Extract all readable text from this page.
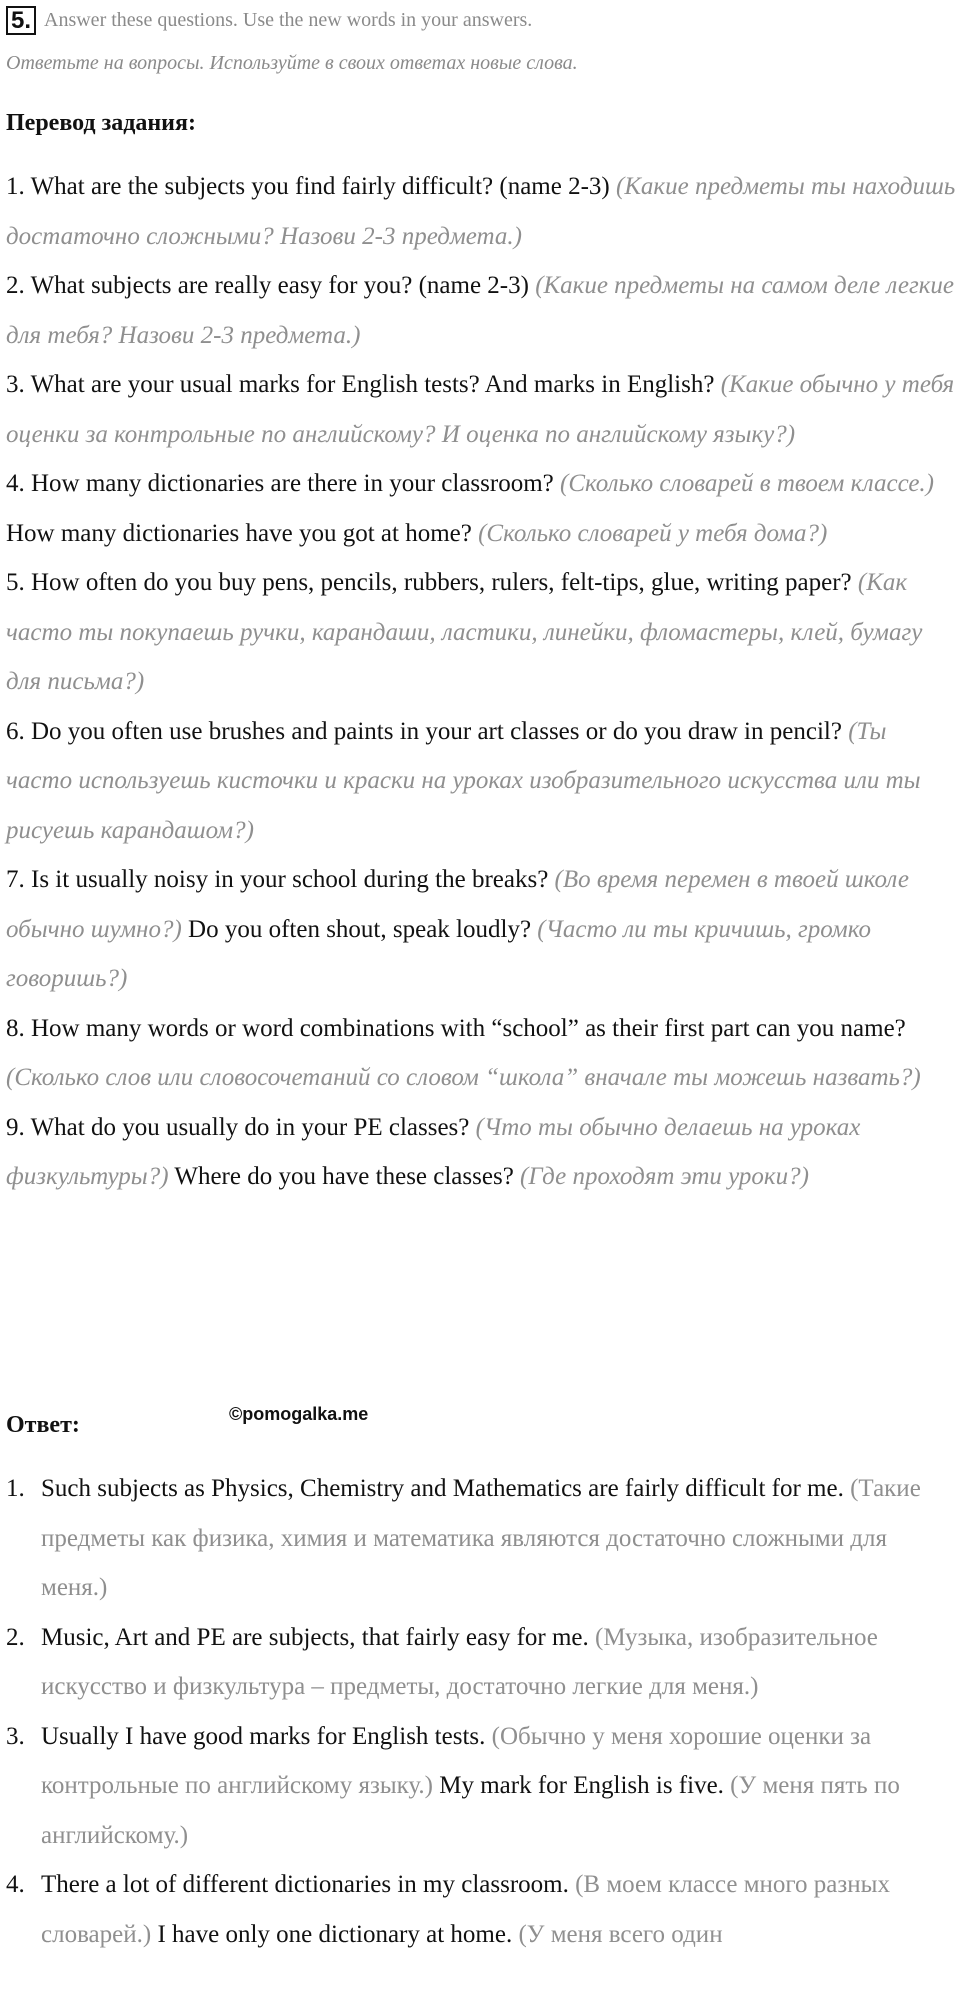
5. Answer these questions. Use the new words in your answers.
Ответьте на вопросы. Используйте в своих ответах новые слова.
Перевод задания:

1. What are the subjects you find fairly difficult? (name 2-3) (Какие предметы ты находишь достаточно сложными? Назови 2-3 предмета.)

2. What subjects are really easy for you? (name 2-3) (Какие предметы на самом деле легкие для тебя? Назови 2-3 предмета.)

3. What are your usual marks for English tests? And marks in English? (Какие обычно у тебя оценки за контрольные по английскому? И оценка по английскому языку?)

4. How many dictionaries are there in your classroom? (Сколько словарей в твоем классе.) How many dictionaries have you got at home? (Сколько словарей у тебя дома?)

5. How often do you buy pens, pencils, rubbers, rulers, felt-tips, glue, writing paper? (Как часто ты покупаешь ручки, карандаши, ластики, линейки, фломастеры, клей, бумагу для письма?)

6. Do you often use brushes and paints in your art classes or do you draw in pencil? (Ты часто используешь кисточки и краски на уроках изобразительного искусства или ты рисуешь карандашом?)

7. Is it usually noisy in your school during the breaks? (Во время перемен в твоей школе обычно шумно?) Do you often shout, speak loudly? (Часто ли ты кричишь, громко говоришь?)

8. How many words or word combinations with “school” as their first part can you name? (Сколько слов или словосочетаний со словом “школа” вначале ты можешь назвать?)

9. What do you usually do in your PE classes? (Что ты обычно делаешь на уроках физкультуры?) Where do you have these classes? (Где проходят эти уроки?)

Ответ:	©pomogalka.me
1. Such subjects as Physics, Chemistry and Mathematics are fairly difficult for me. (Такие предметы как физика, химия и математика являются достаточно сложными для меня.)
2. Music, Art and PE are subjects, that fairly easy for me. (Музыка, изобразительное искусство и физкультура – предметы, достаточно легкие для меня.)
3. Usually I have good marks for English tests. (Обычно у меня хорошие оценки за контрольные по английскому языку.) My mark for English is five. (У меня пять по английскому.)
4. There a lot of different dictionaries in my classroom. (В моем классе много разных словарей.) I have only one dictionary at home. (У меня всего один
